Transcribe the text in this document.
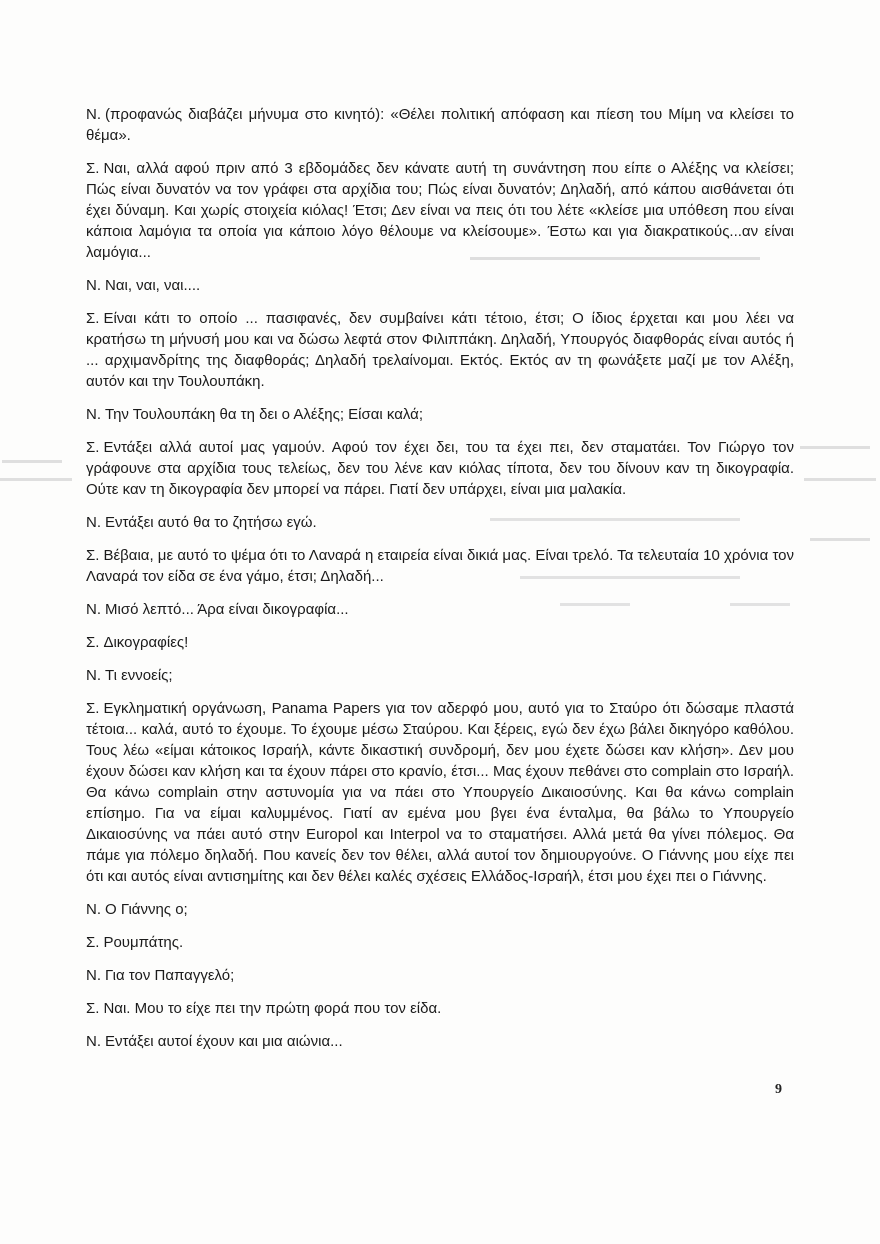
Ν. (προφανώς διαβάζει μήνυμα στο κινητό): «Θέλει πολιτική απόφαση και πίεση του Μίμη να κλείσει το θέμα».

Σ. Ναι, αλλά αφού πριν από 3 εβδομάδες δεν κάνατε αυτή τη συνάντηση που είπε ο Αλέξης να κλείσει; Πώς είναι δυνατόν να τον γράφει στα αρχίδια του; Πώς είναι δυνατόν; Δηλαδή, από κάπου αισθάνεται ότι έχει δύναμη. Και χωρίς στοιχεία κιόλας! Έτσι; Δεν είναι να πεις ότι του λέτε «κλείσε μια υπόθεση που είναι κάποια λαμόγια τα οποία για κάποιο λόγο θέλουμε να κλείσουμε». Έστω και για διακρατικούς...αν είναι λαμόγια...

Ν. Ναι, ναι, ναι....

Σ. Είναι κάτι το οποίο ... πασιφανές, δεν συμβαίνει κάτι τέτοιο, έτσι; Ο ίδιος έρχεται και μου λέει να κρατήσω τη μήνυσή μου και να δώσω λεφτά στον Φιλιππάκη. Δηλαδή, Υπουργός διαφθοράς είναι αυτός ή ... αρχιμανδρίτης της διαφθοράς; Δηλαδή τρελαίνομαι. Εκτός. Εκτός αν τη φωνάξετε μαζί με τον Αλέξη, αυτόν και την Τουλουπάκη.

Ν. Την Τουλουπάκη θα τη δει ο Αλέξης; Είσαι καλά;

Σ. Εντάξει αλλά αυτοί μας γαμούν. Αφού τον έχει δει, του τα έχει πει, δεν σταματάει. Τον Γιώργο τον γράφουνε στα αρχίδια τους τελείως, δεν του λένε καν κιόλας τίποτα, δεν του δίνουν καν τη δικογραφία. Ούτε καν τη δικογραφία δεν μπορεί να πάρει. Γιατί δεν υπάρχει, είναι μια μαλακία.

Ν. Εντάξει αυτό θα το ζητήσω εγώ.

Σ. Βέβαια, με αυτό το ψέμα ότι το Λαναρά η εταιρεία είναι δικιά μας. Είναι τρελό. Τα τελευταία 10 χρόνια τον Λαναρά τον είδα σε ένα γάμο, έτσι; Δηλαδή...

Ν. Μισό λεπτό... Άρα είναι δικογραφία...

Σ. Δικογραφίες!

Ν. Τι εννοείς;

Σ. Εγκληματική οργάνωση, Panama Papers για τον αδερφό μου, αυτό για το Σταύρο ότι δώσαμε πλαστά τέτοια... καλά, αυτό το έχουμε. Το έχουμε μέσω Σταύρου. Και ξέρεις, εγώ δεν έχω βάλει δικηγόρο καθόλου. Τους λέω «είμαι κάτοικος Ισραήλ, κάντε δικαστική συνδρομή, δεν μου έχετε δώσει καν κλήση». Δεν μου έχουν δώσει καν κλήση και τα έχουν πάρει στο κρανίο, έτσι... Μας έχουν πεθάνει στο complain στο Ισραήλ. Θα κάνω complain στην αστυνομία για να πάει στο Υπουργείο Δικαιοσύνης. Και θα κάνω complain επίσημο. Για να είμαι καλυμμένος. Γιατί αν εμένα μου βγει ένα ένταλμα, θα βάλω το Υπουργείο Δικαιοσύνης να πάει αυτό στην Europol και Interpol να το σταματήσει. Αλλά μετά θα γίνει πόλεμος. Θα πάμε για πόλεμο δηλαδή. Που κανείς δεν τον θέλει, αλλά αυτοί τον δημιουργούνε. Ο Γιάννης μου είχε πει ότι και αυτός είναι αντισημίτης και δεν θέλει καλές σχέσεις Ελλάδος-Ισραήλ, έτσι μου έχει πει ο Γιάννης.

Ν. Ο Γιάννης ο;

Σ. Ρουμπάτης.

Ν. Για τον Παπαγγελό;

Σ. Ναι. Μου το είχε πει την πρώτη φορά που τον είδα.

Ν. Εντάξει αυτοί έχουν και μια αιώνια...

9
